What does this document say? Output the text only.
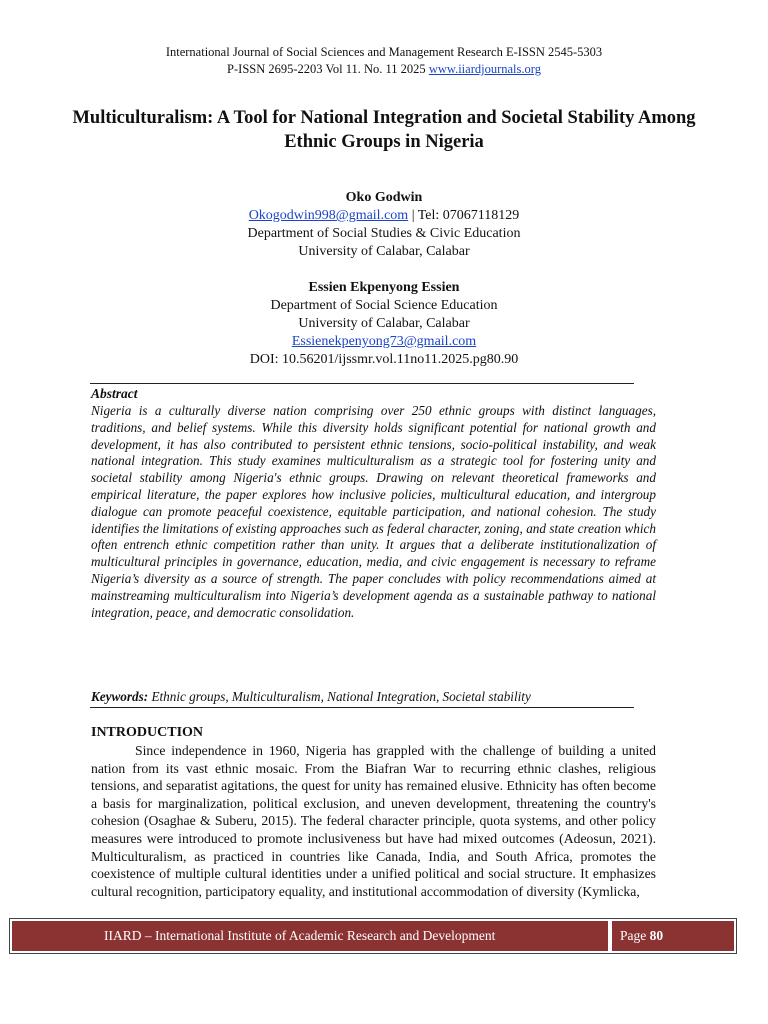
International Journal of Social Sciences and Management Research E-ISSN 2545-5303
P-ISSN 2695-2203 Vol 11. No. 11 2025 www.iiardjournals.org
Multiculturalism: A Tool for National Integration and Societal Stability Among Ethnic Groups in Nigeria
Oko Godwin
Okogodwin998@gmail.com | Tel: 07067118129
Department of Social Studies & Civic Education
University of Calabar, Calabar
Essien Ekpenyong Essien
Department of Social Science Education
University of Calabar, Calabar
Essienekpenyong73@gmail.com
DOI: 10.56201/ijssmr.vol.11no11.2025.pg80.90
Abstract

Nigeria is a culturally diverse nation comprising over 250 ethnic groups with distinct languages, traditions, and belief systems. While this diversity holds significant potential for national growth and development, it has also contributed to persistent ethnic tensions, socio-political instability, and weak national integration. This study examines multiculturalism as a strategic tool for fostering unity and societal stability among Nigeria's ethnic groups. Drawing on relevant theoretical frameworks and empirical literature, the paper explores how inclusive policies, multicultural education, and intergroup dialogue can promote peaceful coexistence, equitable participation, and national cohesion. The study identifies the limitations of existing approaches such as federal character, zoning, and state creation which often entrench ethnic competition rather than unity. It argues that a deliberate institutionalization of multicultural principles in governance, education, media, and civic engagement is necessary to reframe Nigeria’s diversity as a source of strength. The paper concludes with policy recommendations aimed at mainstreaming multiculturalism into Nigeria’s development agenda as a sustainable pathway to national integration, peace, and democratic consolidation.

Keywords: Ethnic groups, Multiculturalism, National Integration, Societal stability
INTRODUCTION

Since independence in 1960, Nigeria has grappled with the challenge of building a united nation from its vast ethnic mosaic. From the Biafran War to recurring ethnic clashes, religious tensions, and separatist agitations, the quest for unity has remained elusive. Ethnicity has often become a basis for marginalization, political exclusion, and uneven development, threatening the country's cohesion (Osaghae & Suberu, 2015). The federal character principle, quota systems, and other policy measures were introduced to promote inclusiveness but have had mixed outcomes (Adeosun, 2021). Multiculturalism, as practiced in countries like Canada, India, and South Africa, promotes the coexistence of multiple cultural identities under a unified political and social structure. It emphasizes cultural recognition, participatory equality, and institutional accommodation of diversity (Kymlicka,

IIARD – International Institute of Academic Research and Development	Page 80
